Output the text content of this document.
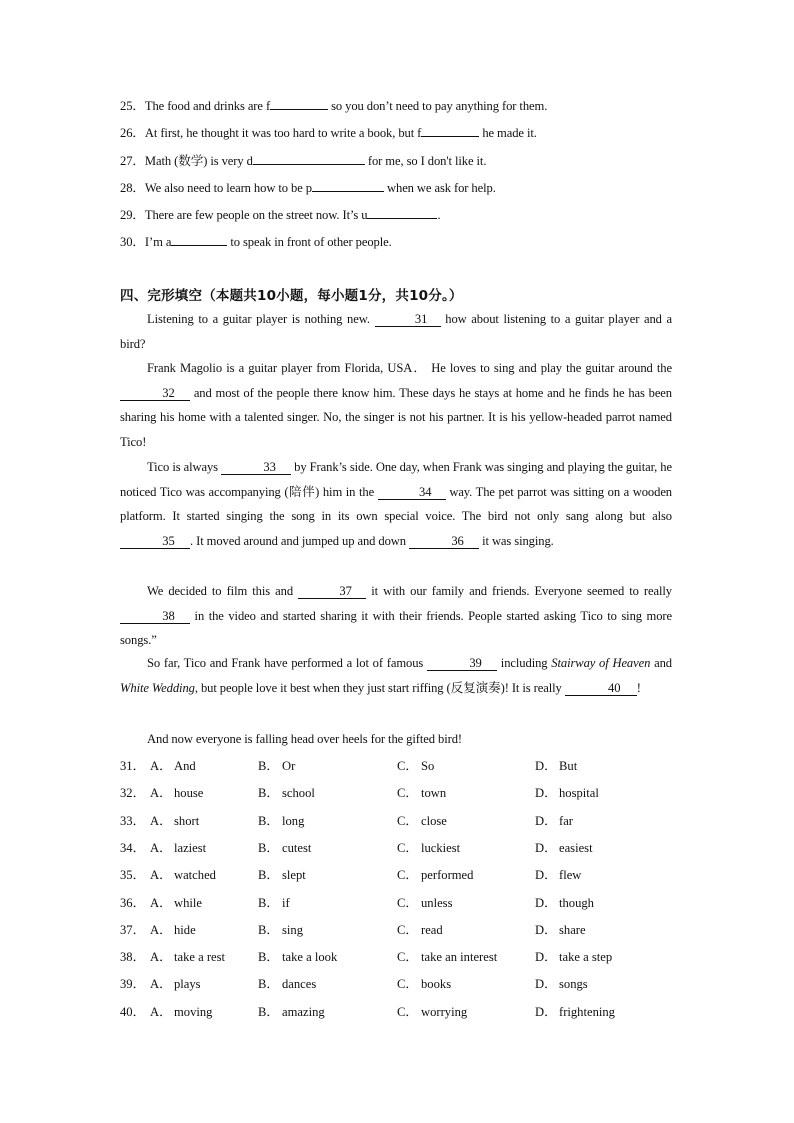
25．The food and drinks are f	so you don’t need to pay anything for them.
26．At first, he thought it was too hard to write a book, but f	he made it.
27．Math (数学) is very d	for me, so I don't like it.
28．We also need to learn how to be p	when we ask for help.
29．There are few people on the street now. It’s u	.
30．I’m a	to speak in front of other people.
四、完形填空（本题共10小题，每小题1分，共10分。）
Listening to a guitar player is nothing new.	31 how about listening to a guitar player and a bird?
Frank Magolio is a guitar player from Florida, USA． He loves to sing and play the guitar around the 32 and most of the people there know him. These days he stays at home and he finds he has been sharing his home with a talented singer. No, the singer is not his partner. It is his yellow-headed parrot named Tico!
Tico is always	33 by Frank’s side. One day, when Frank was singing and playing the guitar, he noticed Tico was accompanying (陪伴) him in the	34 way. The pet parrot was sitting on a wooden platform. It started singing the song in its own special voice. The bird not only sang along but also 35 . It moved around and jumped up and down	36 it was singing.
We decided to film this and	37 it with our family and friends. Everyone seemed to really 38 in the video and started sharing it with their friends. People started asking Tico to sing more songs.”
So far, Tico and Frank have performed a lot of famous	39 including Stairway of Heaven and White Wedding, but people love it best when they just start riffing (反复演奏)! It is really	40 !
And now everyone is falling head over heels for the gifted bird!
31． A． And	B． Or	C． So	D． But
32． A． house	B． school	C． town	D． hospital
33． A． short	B． long	C． close	D． far
34． A． laziest	B． cutest	C． luckiest	D． easiest
35． A． watched	B． slept	C． performed	D． flew
36． A． while	B． if	C． unless	D． though
37． A． hide	B． sing	C． read	D． share
38． A． take a rest	B． take a look	C． take an interest	D． take a step
39． A． plays	B． dances	C． books	D． songs
40． A． moving	B． amazing	C． worrying	D． frightening
